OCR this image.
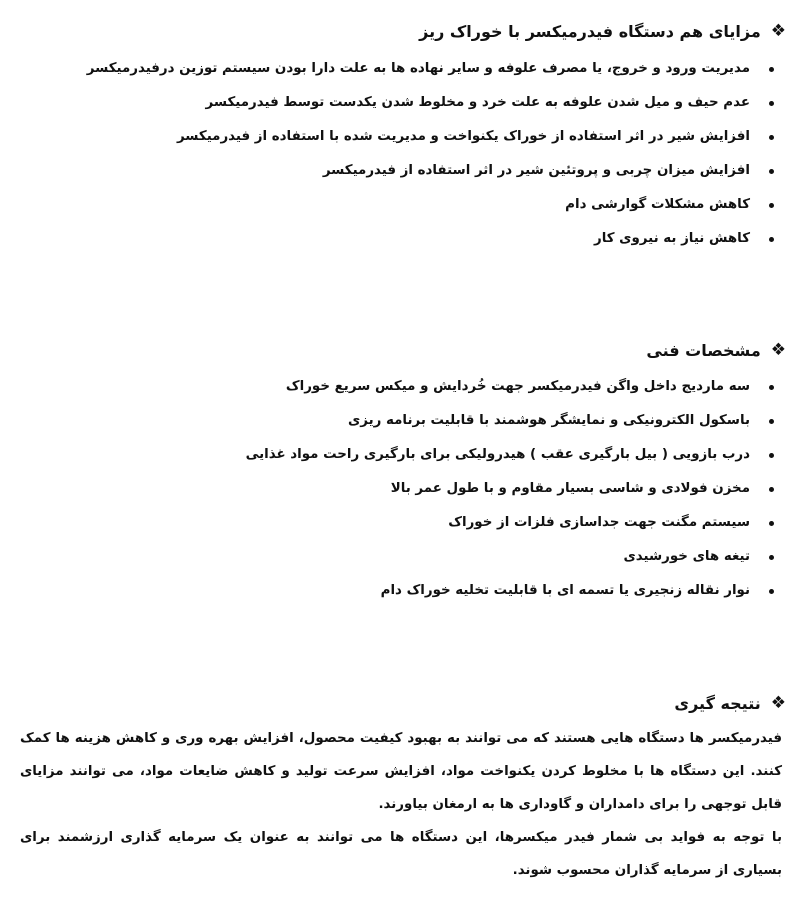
❖
مزایای هم دستگاه فیدرمیکسر با خوراک ریز
مدیریت ورود و خروج، یا مصرف علوفه و سایر نهاده ها به علت دارا بودن سیستم توزین درفیدرمیکسر
عدم حیف و میل شدن علوفه به علت خرد و مخلوط شدن یکدست توسط فیدرمیکسر
افزایش شیر در اثر استفاده از خوراک یکنواخت و مدیریت شده با استفاده از فیدرمیکسر
افزایش میزان چربی و پروتئین شیر در اثر استفاده از فیدرمیکسر
کاهش مشکلات گوارشی دام
کاهش نیاز به نیروی کار
❖
مشخصات فنی
سه ماردیج داخل واگن فیدرمیکسر جهت خُردایش و میکس سریع خوراک
باسکول الکترونیکی و نمایشگر هوشمند با قابلیت برنامه ریزی
درب بازویی ( بیل بارگیری عقب ) هیدرولیکی برای بارگیری راحت مواد غذایی
مخزن فولادی و شاسی بسیار مقاوم و با طول عمر بالا
سیستم مگنت جهت جداسازی فلزات از خوراک
تیغه های خورشیدی
نوار نقاله زنجیری یا تسمه ای با قابلیت تخلیه خوراک دام
❖
نتیجه گیری

فیدرمیکسر ها دستگاه هایی هستند که می توانند به بهبود کیفیت محصول، افزایش بهره وری و کاهش هزینه ها کمک کنند. این دستگاه ها با مخلوط کردن یکنواخت مواد، افزایش سرعت تولید و کاهش ضایعات مواد، می توانند مزایای قابل توجهی را برای دامداران و گاوداری ها به ارمغان بیاورند.

با توجه به فواید بی شمار فیدر میکسرها، این دستگاه ها می توانند به عنوان یک سرمایه گذاری ارزشمند برای بسیاری از سرمایه گذاران محسوب شوند.
